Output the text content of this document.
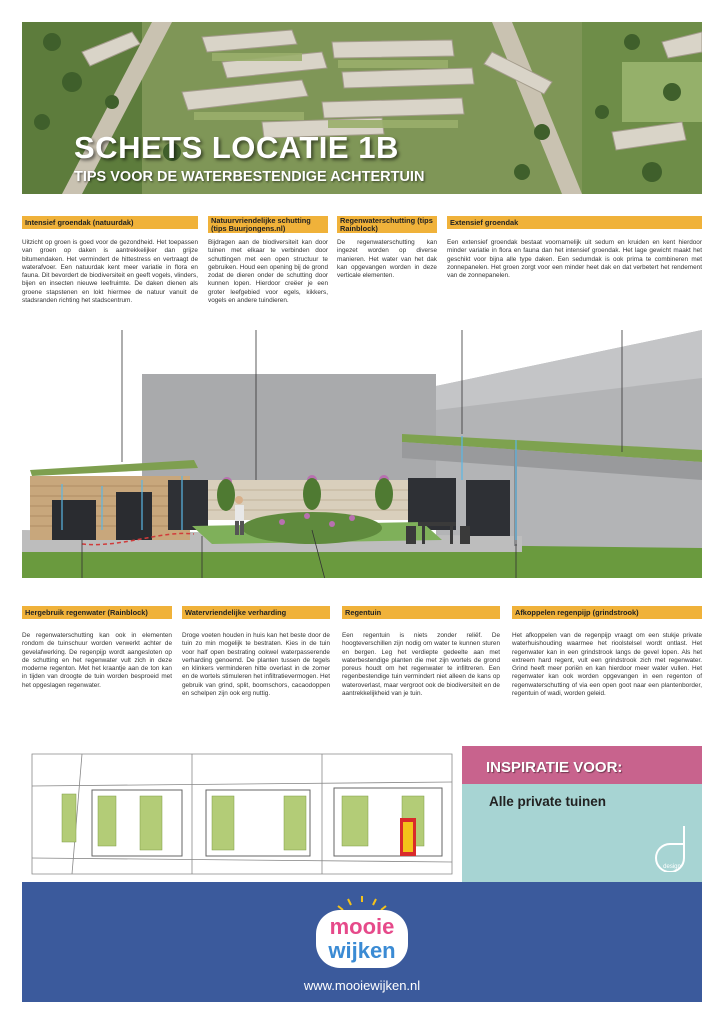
SCHETS LOCATIE 1B
TIPS VOOR DE WATERBESTENDIGE ACHTERTUIN
Intensief groendak (natuurdak)
Uitzicht op groen is goed voor de gezondheid. Het toepassen van groen op daken is aantrekkelijker dan grijze bitumendaken. Het vermindert de hittestress en vertraagt de waterafvoer. Een natuurdak kent meer variatie in flora en fauna. Dit bevordert de biodiversiteit en geeft vogels, vlinders, bijen en insecten nieuwe leefruimte. De daken dienen als groene stapstenen en lokt hiermee de natuur vanuit de stadsranden richting het stadscentrum.
Natuurvriendelijke schutting (tips Buurjongens.nl)
Bijdragen aan de biodiversiteit kan door tuinen met elkaar te verbinden door schuttingen met een open structuur te gebruiken. Houd een opening bij de grond zodat de dieren onder de schutting door kunnen lopen. Hierdoor creëer je een groter leefgebied voor egels, kikkers, vogels en andere tuindieren.
Regenwaterschutting (tips Rainblock)
De regenwaterschutting kan ingezet worden op diverse manieren. Het water van het dak kan opgevangen worden in deze verticale elementen.
Extensief groendak
Een extensief groendak bestaat voornamelijk uit sedum en kruiden en kent hierdoor minder variatie in flora en fauna dan het intensief groendak. Het lage gewicht maakt het geschikt voor bijna alle type daken. Een sedumdak is ook prima te combineren met zonnepanelen. Het groen zorgt voor een minder heet dak en dat verbetert het rendement van de zonnepanelen.
Hergebruik regenwater (Rainblock)
De regenwaterschutting kan ook in elementen rondom de tuinschuur worden verwerkt achter de gevelafwerking. De regenpijp wordt aangesloten op de schutting en het regenwater vult zich in deze moderne regenton. Met het kraantje aan de ton kan in tijden van droogte de tuin worden besproeid met het opgeslagen regenwater.
Watervriendelijke verharding
Droge voeten houden in huis kan het beste door de tuin zo min mogelijk te bestraten. Kies in de tuin voor half open bestrating ookwel waterpasserende verharding genoemd. De planten tussen de tegels en klinkers verminderen hitte overlast in de zomer en de wortels stimuleren het infiltratievermogen. Het gebruik van grind, split, boomschors, cacaodoppen en schelpen zijn ook erg nuttig.
Regentuin
Een regentuin is niets zonder reliëf. De hoogteverschillen zijn nodig om water te kunnen sturen en bergen. Leg het verdiepte gedeelte aan met waterbestendige planten die met zijn wortels de grond poreus houdt om het regenwater te infiltreren. Een regenbestendige tuin vermindert niet alleen de kans op wateroverlast, maar vergroot ook de biodiversiteit en de aantrekkelijkheid van je tuin.
Afkoppelen regenpijp (grindstrook)
Het afkoppelen van de regenpijp vraagt om een stukje private waterhuishouding waarmee het rioolstelsel wordt ontlast. Het regenwater kan in een grindstrook langs de gevel lopen. Als het extreem hard regent, vult een grindstrook zich met regenwater. Grind heeft meer poriën en kan hierdoor meer water vullen. Het regenwater kan ook worden opgevangen in een regenton of regenwaterschutting of via een open goot naar een plantenborder, regentuin of wadi, worden geleid.
INSPIRATIE VOOR:
Alle private tuinen
design
mooie
wijken
www.mooiewijken.nl
